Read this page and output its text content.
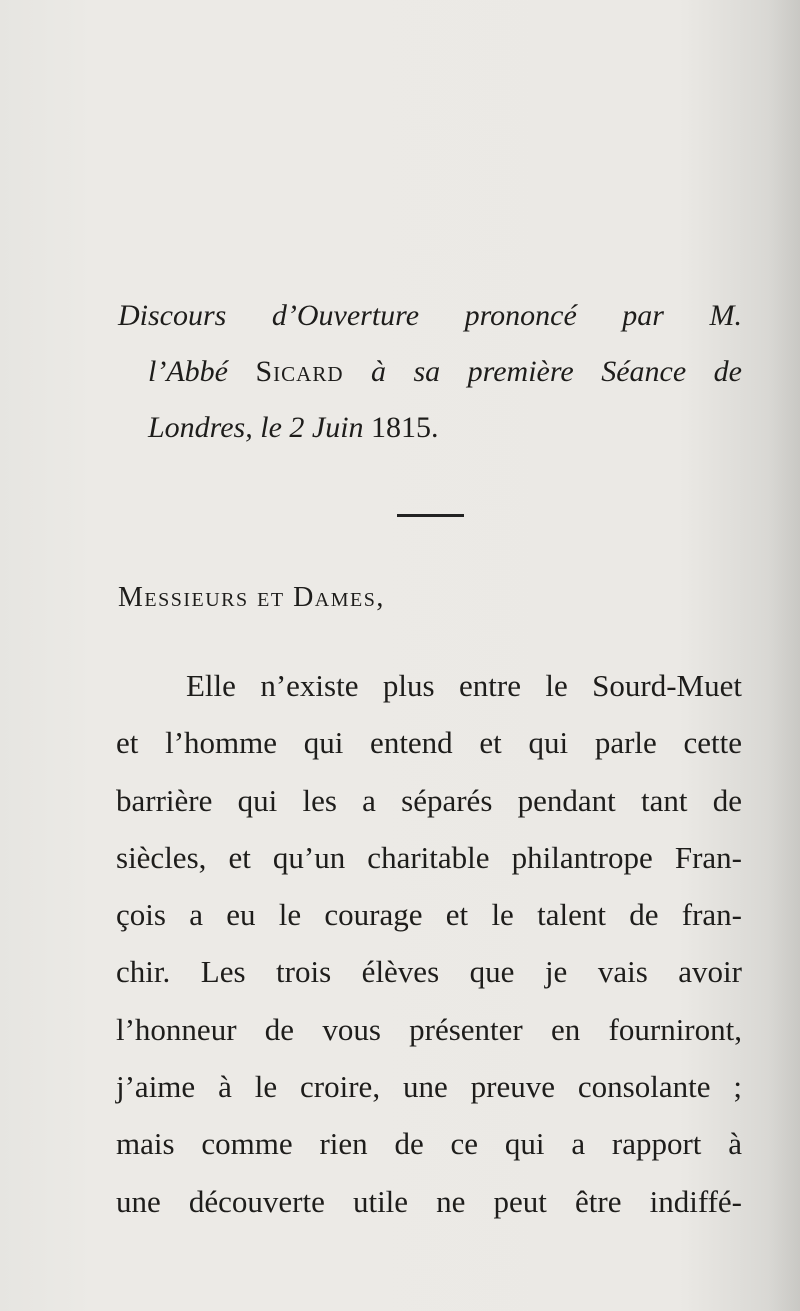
Discours d’Ouverture prononcé par M.
l’Abbé Sicard à sa première Séance de
Londres, le 2 Juin 1815.
Messieurs et Dames,
Elle n’existe plus entre le Sourd-Muet
et l’homme qui entend et qui parle cette
barrière qui les a séparés pendant tant de
siècles, et qu’un charitable philantrope Fran-
çois a eu le courage et le talent de fran-
chir. Les trois élèves que je vais avoir
l’honneur de vous présenter en fourniront,
j’aime à le croire, une preuve consolante ;
mais comme rien de ce qui a rapport à
une découverte utile ne peut être indiffé-
